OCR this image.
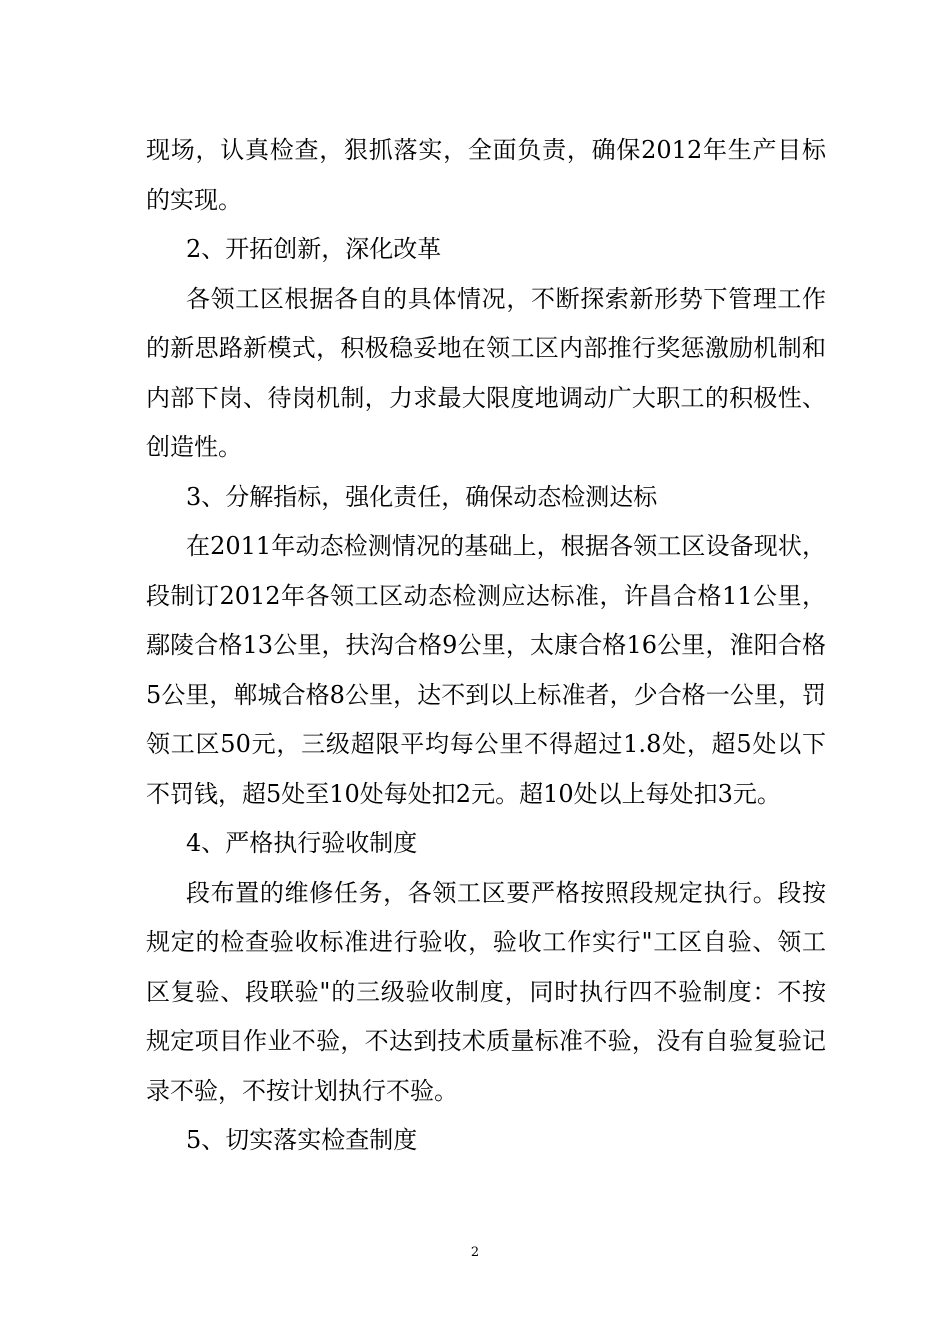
现场，认真检查，狠抓落实，全面负责，确保2012年生产目标的实现。

2、开拓创新，深化改革

各领工区根据各自的具体情况，不断探索新形势下管理工作的新思路新模式，积极稳妥地在领工区内部推行奖惩激励机制和内部下岗、待岗机制，力求最大限度地调动广大职工的积极性、创造性。

3、分解指标，强化责任，确保动态检测达标

在2011年动态检测情况的基础上，根据各领工区设备现状，段制订2012年各领工区动态检测应达标准，许昌合格11公里，鄢陵合格13公里，扶沟合格9公里，太康合格16公里，淮阳合格5公里，郸城合格8公里，达不到以上标准者，少合格一公里，罚领工区50元，三级超限平均每公里不得超过1.8处，超5处以下不罚钱，超5处至10处每处扣2元。超10处以上每处扣3元。

4、严格执行验收制度

段布置的维修任务，各领工区要严格按照段规定执行。段按规定的检查验收标准进行验收，验收工作实行"工区自验、领工区复验、段联验"的三级验收制度，同时执行四不验制度：不按规定项目作业不验，不达到技术质量标准不验，没有自验复验记录不验，不按计划执行不验。

5、切实落实检查制度

2
